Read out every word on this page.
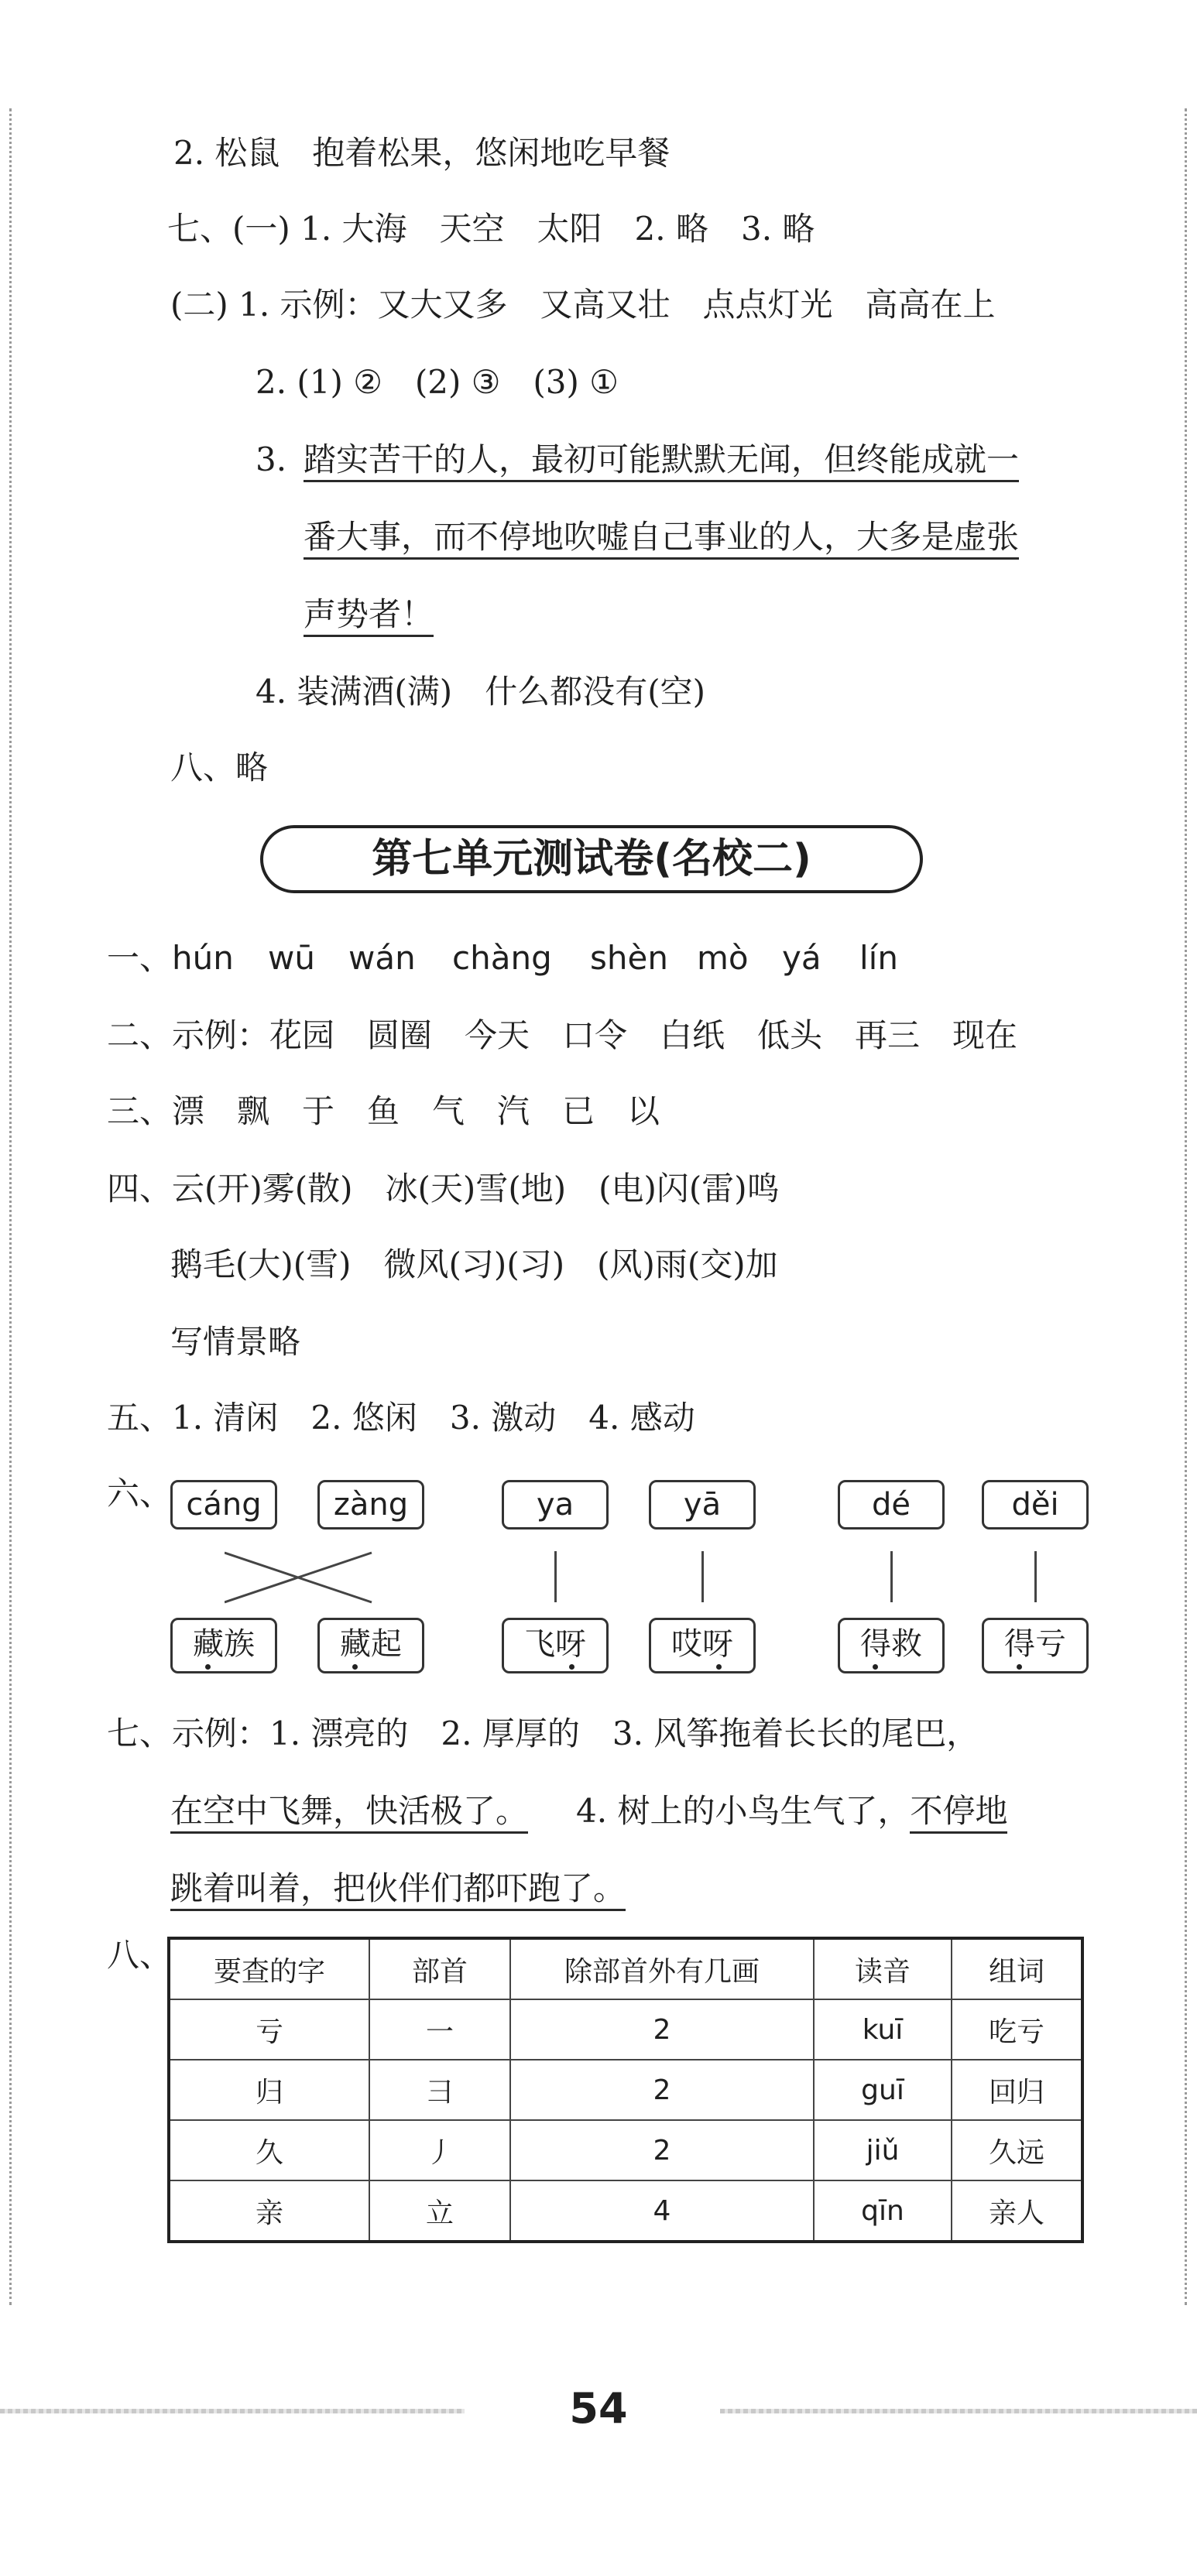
2. 松鼠　抱着松果，悠闲地吃早餐
七、(一) 1. 大海　天空　太阳　2. 略　3. 略
(二) 1. 示例：又大又多　又高又壮　点点灯光　高高在上
2. (1) ②　(2) ③　(3) ①
3. 踏实苦干的人，最初可能默默无闻，但终能成就一
番大事，而不停地吹嘘自己事业的人，大多是虚张
声势者！
4. 装满酒(满)　什么都没有(空)
八、略
第七单元测试卷(名校二)
一、 hún wū wán chàng shèn mò yá lín
二、示例：花园　圆圈　今天　口令　白纸　低头　再三　现在
三、漂　飘　于　鱼　气　汽　已　以
四、云(开)雾(散)　冰(天)雪(地)　(电)闪(雷)鸣
鹅毛(大)(雪)　微风(习)(习)　(风)雨(交)加
写情景略
五、1. 清闲　2. 悠闲　3. 激动　4. 感动
六、 cáng	zàng	ya	yā	dé	děi
藏族	藏起	飞呀	哎呀	得救	得亏
七、示例：1. 漂亮的　2. 厚厚的　3. 风筝拖着长长的尾巴，
在空中飞舞，快活极了。 4. 树上的小鸟生气了，不停地
跳着叫着，把伙伴们都吓跑了。
八、 要查的字	部首	除部首外有几画	读音	组词
亏	一	2	kuī	吃亏
归	彐	2	guī	回归
久	丿	2	jiǔ	久远
亲	立	4	qīn	亲人
54
